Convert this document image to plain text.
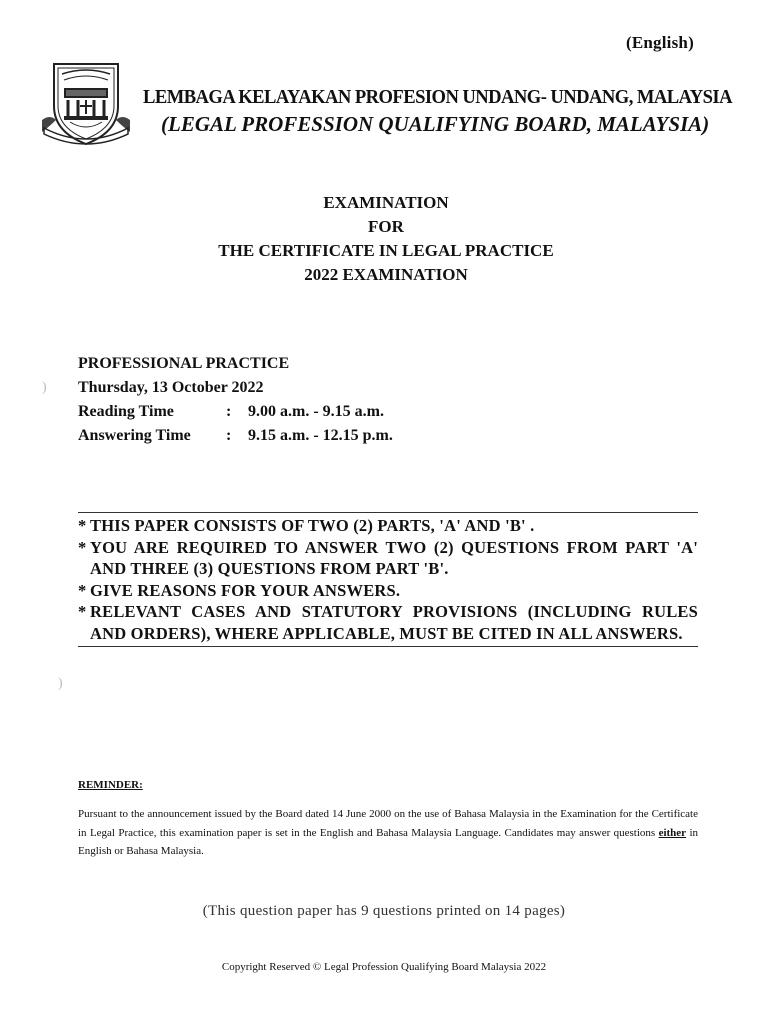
(English)
LEMBAGA KELAYAKAN PROFESION UNDANG- UNDANG, MALAYSIA
(LEGAL PROFESSION QUALIFYING BOARD, MALAYSIA)
EXAMINATION
FOR
THE CERTIFICATE IN LEGAL PRACTICE
2022 EXAMINATION
PROFESSIONAL PRACTICE
Thursday, 13 October 2022
Reading Time	:	9.00 a.m. - 9.15 a.m.
Answering Time	:	9.15 a.m. - 12.15 p.m.
* THIS PAPER CONSISTS OF TWO (2) PARTS, 'A' AND 'B' .
* YOU ARE REQUIRED TO ANSWER TWO (2) QUESTIONS FROM PART 'A' AND THREE (3) QUESTIONS FROM PART 'B'.
* GIVE REASONS FOR YOUR ANSWERS.
* RELEVANT CASES AND STATUTORY PROVISIONS (INCLUDING RULES AND ORDERS), WHERE APPLICABLE, MUST BE CITED IN ALL ANSWERS.
REMINDER:
Pursuant to the announcement issued by the Board dated 14 June 2000 on the use of Bahasa Malaysia in the Examination for the Certificate in Legal Practice, this examination paper is set in the English and Bahasa Malaysia Language. Candidates may answer questions either in English or Bahasa Malaysia.
(This question paper has 9 questions printed on 14 pages)
Copyright Reserved © Legal Profession Qualifying Board Malaysia 2022
)
)
